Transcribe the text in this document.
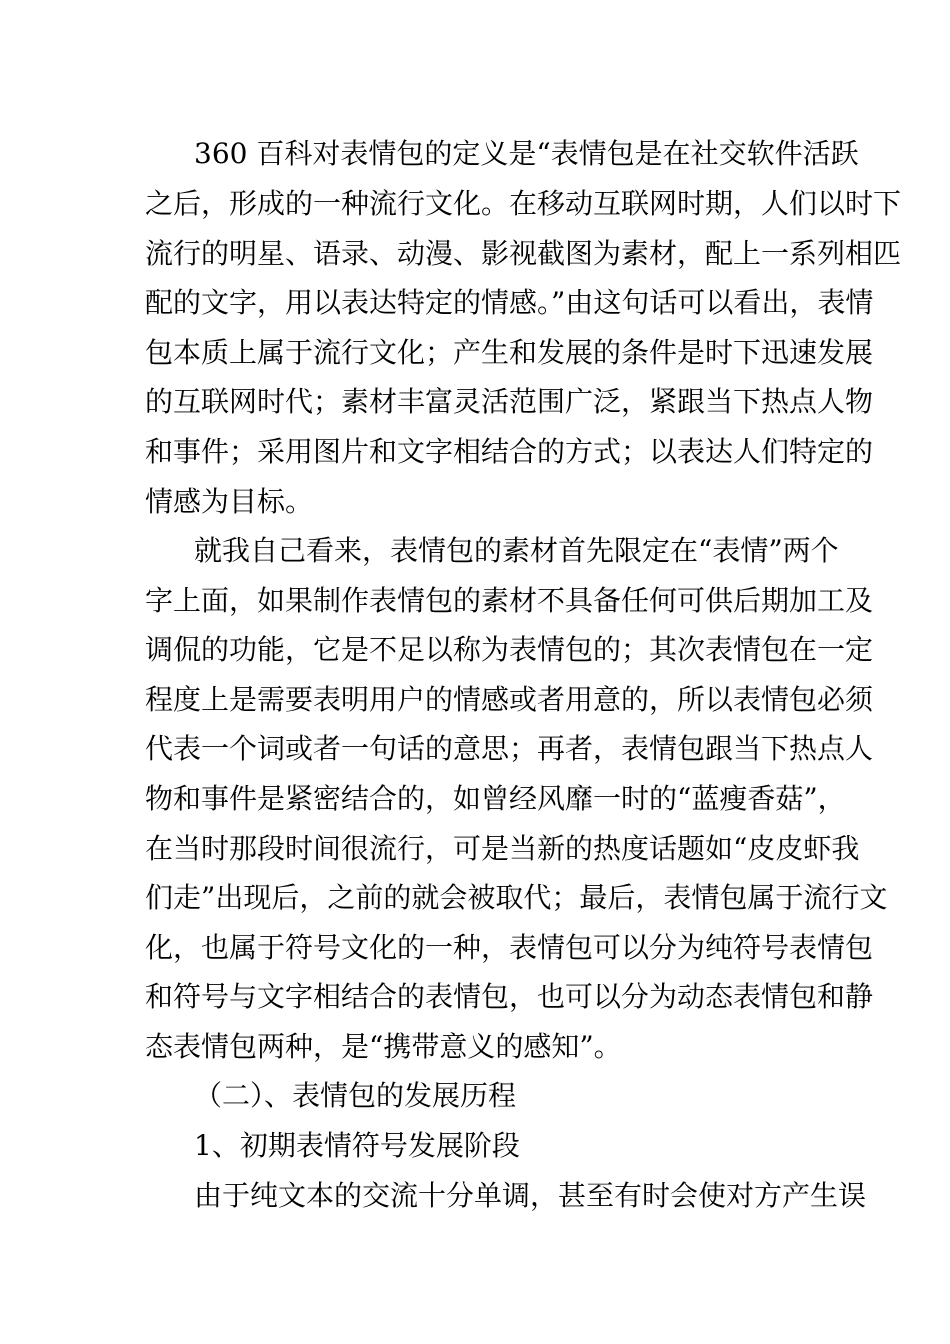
360 百科对表情包的定义是“表情包是在社交软件活跃
之后，形成的一种流行文化。在移动互联网时期，人们以时下
流行的明星、语录、动漫、影视截图为素材，配上一系列相匹
配的文字，用以表达特定的情感。”由这句话可以看出，表情
包本质上属于流行文化；产生和发展的条件是时下迅速发展
的互联网时代；素材丰富灵活范围广泛，紧跟当下热点人物
和事件；采用图片和文字相结合的方式；以表达人们特定的
情感为目标。
就我自己看来，表情包的素材首先限定在“表情”两个
字上面，如果制作表情包的素材不具备任何可供后期加工及
调侃的功能，它是不足以称为表情包的；其次表情包在一定
程度上是需要表明用户的情感或者用意的，所以表情包必须
代表一个词或者一句话的意思；再者，表情包跟当下热点人
物和事件是紧密结合的，如曾经风靡一时的“蓝瘦香菇”，
在当时那段时间很流行，可是当新的热度话题如“皮皮虾我
们走”出现后，之前的就会被取代；最后，表情包属于流行文
化，也属于符号文化的一种，表情包可以分为纯符号表情包
和符号与文字相结合的表情包，也可以分为动态表情包和静
态表情包两种，是“携带意义的感知”。
（二）、表情包的发展历程
1、初期表情符号发展阶段
由于纯文本的交流十分单调，甚至有时会使对方产生误
